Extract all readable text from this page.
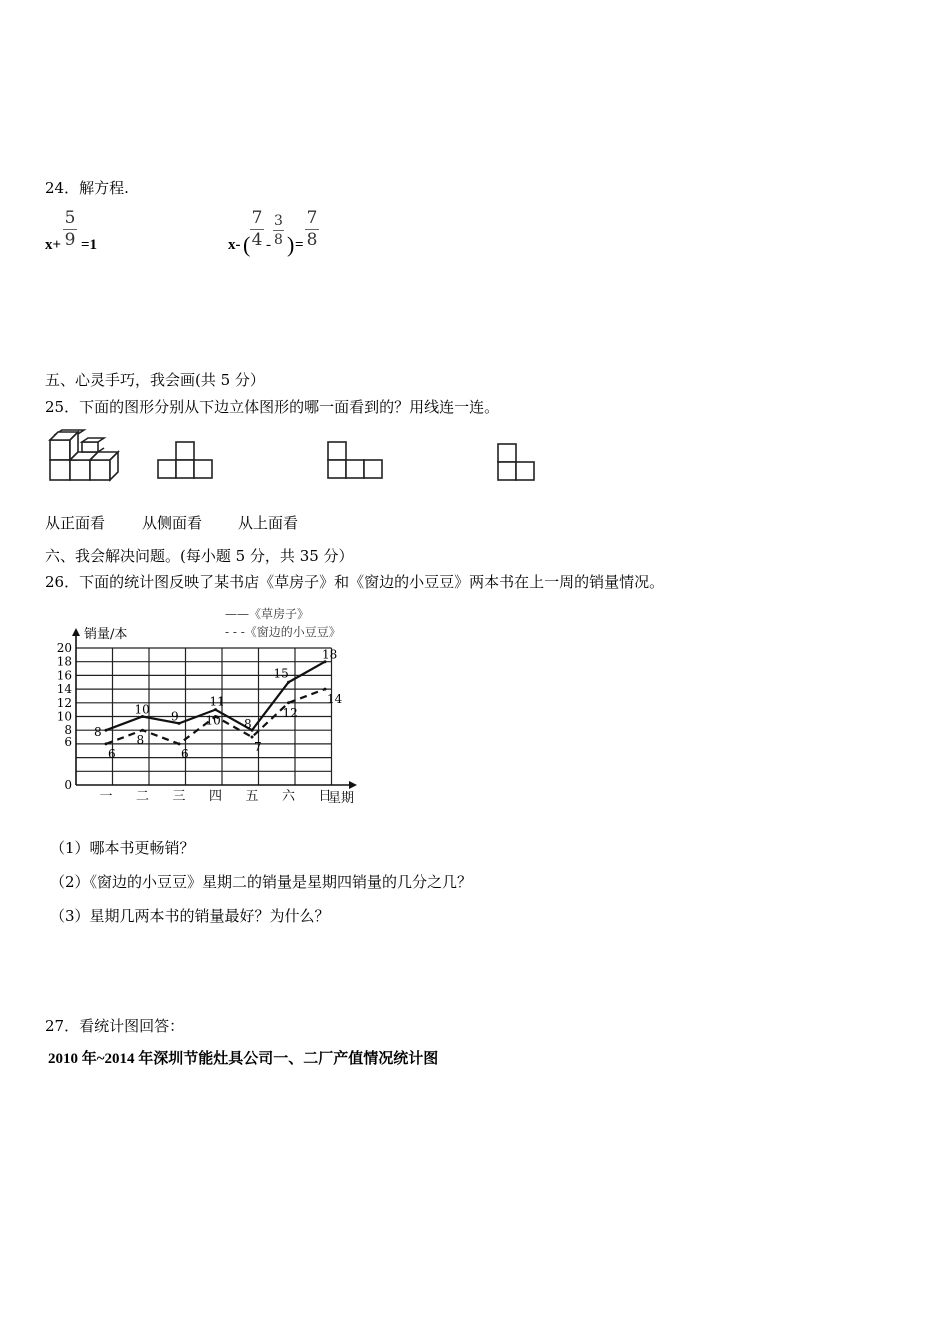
24．解方程.
x+
5
9 =1	x- (
7
4 -
3
8 ) =
7
8
五、心灵手巧，我会画(共 5 分）
25．下面的图形分别从下边立体图形的哪一面看到的？用线连一连。
从正面看 从侧面看 从上面看
六、我会解决问题。(每小题 5 分，共 35 分）
26．下面的统计图反映了某书店《草房子》和《窗边的小豆豆》两本书在上一周的销量情况。
0
6
8
10
12
14
16
18
20
销量/本
星期
一 二 三 四 五 六 日
——《草房子》
- - -《窗边的小豆豆》
8
10 9
11
8
15
18
6
8
6
10
7
12
14
（1）哪本书更畅销？
（2）《窗边的小豆豆》星期二的销量是星期四销量的几分之几？
（3）星期几两本书的销量最好？为什么？
27．看统计图回答：
2010 年~2014 年深圳节能灶具公司一、二厂产值情况统计图
